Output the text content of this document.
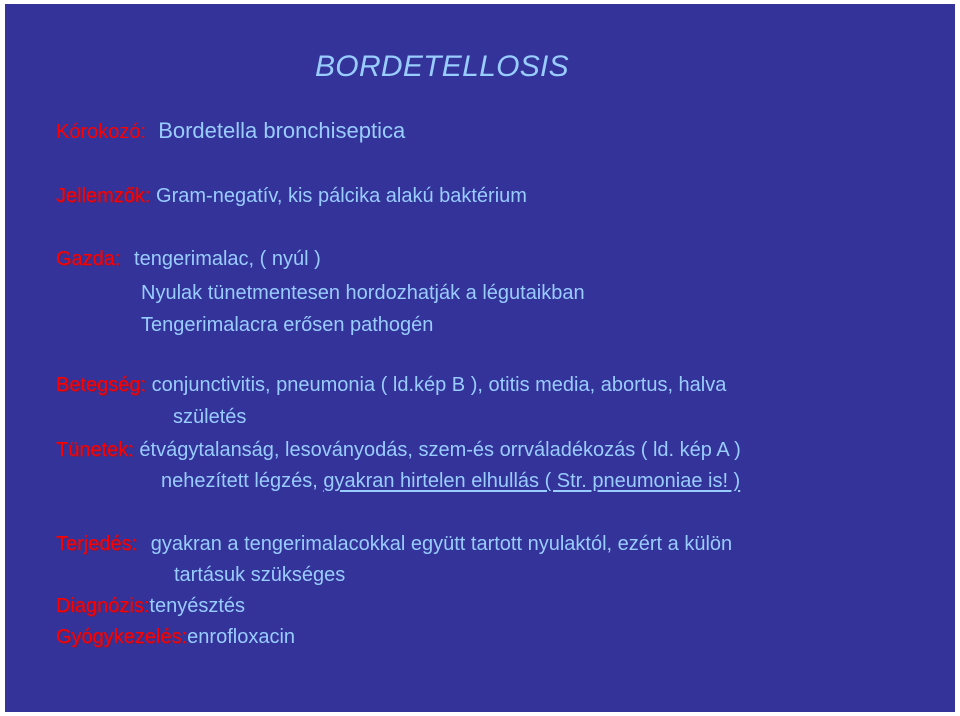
BORDETELLOSIS
Kórokozó: Bordetella bronchiseptica
Jellemzők: Gram-negatív, kis pálcika alakú baktérium
Gazda: tengerimalac, ( nyúl )
Nyulak tünetmentesen hordozhatják a légutaikban
Tengerimalacra erősen pathogén
Betegség: conjunctivitis, pneumonia ( ld.kép B ), otitis media, abortus, halva
születés
Tünetek: étvágytalanság, lesoványodás, szem-és orrváladékozás ( ld. kép A )
nehezített légzés, gyakran hirtelen elhullás ( Str. pneumoniae is! )
Terjedés: gyakran a tengerimalacokkal együtt tartott nyulaktól, ezért a külön
tartásuk szükséges
Diagnózis:tenyésztés
Gyógykezelés:enrofloxacin
